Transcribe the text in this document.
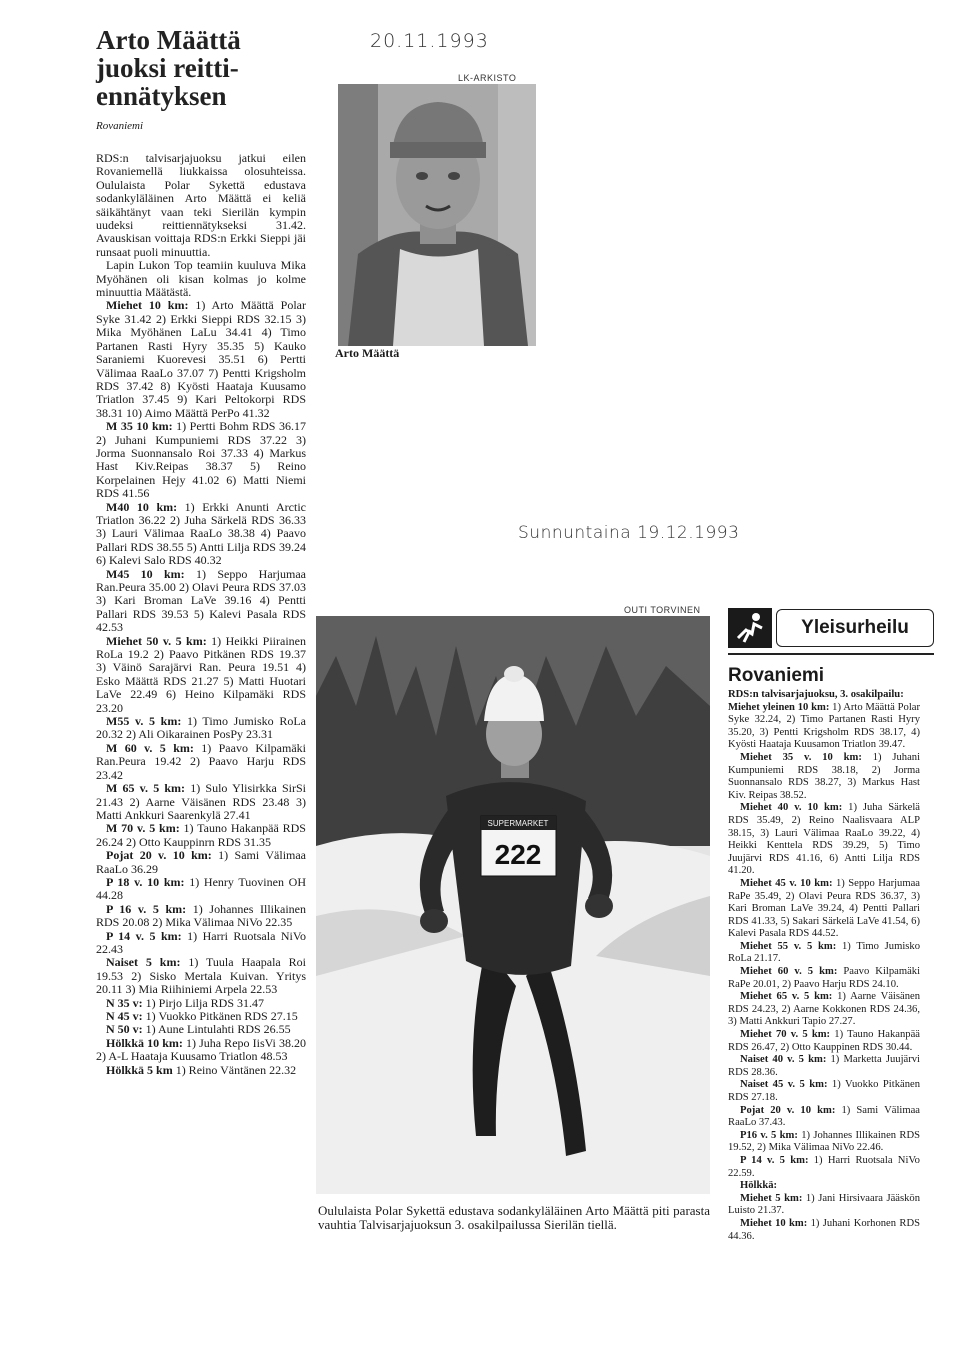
Arto Määttä
juoksi reitti-
ennätyksen
Rovaniemi

RDS:n talvisarjajuoksu jatkui eilen Rovaniemellä liukkaissa olosuhteissa. Oululaista Polar Sykettä edustava sodankyläläinen Arto Määttä ei keliä säikähtänyt vaan teki Sierilän kympin uudeksi reittiennätykseksi 31.42. Avauskisan voittaja RDS:n Erkki Sieppi jäi runsaat puoli minuuttia.

Lapin Lukon Top teamiin kuuluva Mika Myöhänen oli kisan kolmas jo kolme minuuttia Määtästä.

Miehet 10 km: 1) Arto Määttä Polar Syke 31.42 2) Erkki Sieppi RDS 32.15 3) Mika Myöhänen LaLu 34.41 4) Timo Partanen Rasti Hyry 35.35 5) Kauko Saraniemi Kuorevesi 35.51 6) Pertti Välimaa RaaLo 37.07 7) Pentti Krigsholm RDS 37.42 8) Kyösti Haataja Kuusamo Triatlon 37.45 9) Kari Peltokorpi RDS 38.31 10) Aimo Määttä PerPo 41.32

M 35 10 km: 1) Pertti Bohm RDS 36.17 2) Juhani Kumpuniemi RDS 37.22 3) Jorma Suonnansalo Roi 37.33 4) Markus Hast Kiv.Reipas 38.37 5) Reino Korpelainen Hejy 41.02 6) Matti Niemi RDS 41.56

M40 10 km: 1) Erkki Anunti Arctic Triatlon 36.22 2) Juha Särkelä RDS 36.33 3) Lauri Välimaa RaaLo 38.38 4) Paavo Pallari RDS 38.55 5) Antti Lilja RDS 39.24 6) Kalevi Salo RDS 40.32

M45 10 km: 1) Seppo Harjumaa Ran.Peura 35.00 2) Olavi Peura RDS 37.03 3) Kari Broman LaVe 39.16 4) Pentti Pallari RDS 39.53 5) Kalevi Pasala RDS 42.53

Miehet 50 v. 5 km: 1) Heikki Piirainen RoLa 19.2 2) Paavo Pitkänen RDS 19.37 3) Väinö Sarajärvi Ran. Peura 19.51 4) Esko Määttä RDS 21.27 5) Matti Huotari LaVe 22.49 6) Heino Kilpamäki RDS 23.20

M55 v. 5 km: 1) Timo Jumisko RoLa 20.32 2) Ali Oikarainen PosPy 23.31

M 60 v. 5 km: 1) Paavo Kilpamäki Ran.Peura 19.42 2) Paavo Harju RDS 23.42

M 65 v. 5 km: 1) Sulo Ylisirkka SirSi 21.43 2) Aarne Väisänen RDS 23.48 3) Matti Ankkuri Saarenkylä 27.41

M 70 v. 5 km: 1) Tauno Hakanpää RDS 26.24 2) Otto Kauppinrn RDS 31.35

Pojat 20 v. 10 km: 1) Sami Välimaa RaaLo 36.29

P 18 v. 10 km: 1) Henry Tuovinen OH 44.28

P 16 v. 5 km: 1) Johannes Illikainen RDS 20.08 2) Mika Välimaa NiVo 22.35

P 14 v. 5 km: 1) Harri Ruotsala NiVo 22.43

Naiset 5 km: 1) Tuula Haapala Roi 19.53 2) Sisko Mertala Kuivan. Yritys 20.11 3) Mia Riihiniemi Arpela 22.53

N 35 v: 1) Pirjo Lilja RDS 31.47

N 45 v: 1) Vuokko Pitkänen RDS 27.15

N 50 v: 1) Aune Lintulahti RDS 26.55

Hölkkä 10 km: 1) Juha Repo IisVi 38.20 2) A-L Haataja Kuusamo Triatlon 48.53

Hölkkä 5 km 1) Reino Väntänen 22.32

20.11.1993
Sunnuntaina 19.12.1993
LK-ARKISTO
Arto Määttä
OUTI TORVINEN
SUPERMARKET
222
Oululaista Polar Sykettä edustava sodankyläläinen Arto Määttä piti parasta vauhtia Talvisarjajuoksun 3. osakilpailussa Sierilän tiellä.
Yleisurheilu
Rovaniemi

RDS:n talvisarjajuoksu, 3. osakilpailu:

Miehet yleinen 10 km: 1) Arto Määttä Polar Syke 32.24, 2) Timo Partanen Rasti Hyry 35.20, 3) Pentti Krigsholm RDS 38.17, 4) Kyösti Haataja Kuusamon Triatlon 39.47.

Miehet 35 v. 10 km: 1) Juhani Kumpuniemi RDS 38.18, 2) Jorma Suonnansalo RDS 38.27, 3) Markus Hast Kiv. Reipas 38.52.

Miehet 40 v. 10 km: 1) Juha Särkelä RDS 35.49, 2) Reino Naalisvaara ALP 38.15, 3) Lauri Välimaa RaaLo 39.22, 4) Heikki Kenttela RDS 39.29, 5) Timo Juujärvi RDS 41.16, 6) Antti Lilja RDS 41.20.

Miehet 45 v. 10 km: 1) Seppo Harjumaa RaPe 35.49, 2) Olavi Peura RDS 36.37, 3) Kari Broman LaVe 39.24, 4) Pentti Pallari RDS 41.33, 5) Sakari Särkelä LaVe 41.54, 6) Kalevi Pasala RDS 44.52.

Miehet 55 v. 5 km: 1) Timo Jumisko RoLa 21.17.

Miehet 60 v. 5 km: Paavo Kilpamäki RaPe 20.01, 2) Paavo Harju RDS 24.10.

Miehet 65 v. 5 km: 1) Aarne Väisänen RDS 24.23, 2) Aarne Kokkonen RDS 24.36, 3) Matti Ankkuri Tapio 27.27.

Miehet 70 v. 5 km: 1) Tauno Hakanpää RDS 26.47, 2) Otto Kauppinen RDS 30.44.

Naiset 40 v. 5 km: 1) Marketta Juujärvi RDS 28.36.

Naiset 45 v. 5 km: 1) Vuokko Pitkänen RDS 27.18.

Pojat 20 v. 10 km: 1) Sami Välimaa RaaLo 37.43.

P16 v. 5 km: 1) Johannes Illikainen RDS 19.52, 2) Mika Välimaa NiVo 22.46.

P 14 v. 5 km: 1) Harri Ruotsala NiVo 22.59.

Hölkkä:

Miehet 5 km: 1) Jani Hirsivaara Jääskön Luisto 21.37.

Miehet 10 km: 1) Juhani Korhonen RDS 44.36.
